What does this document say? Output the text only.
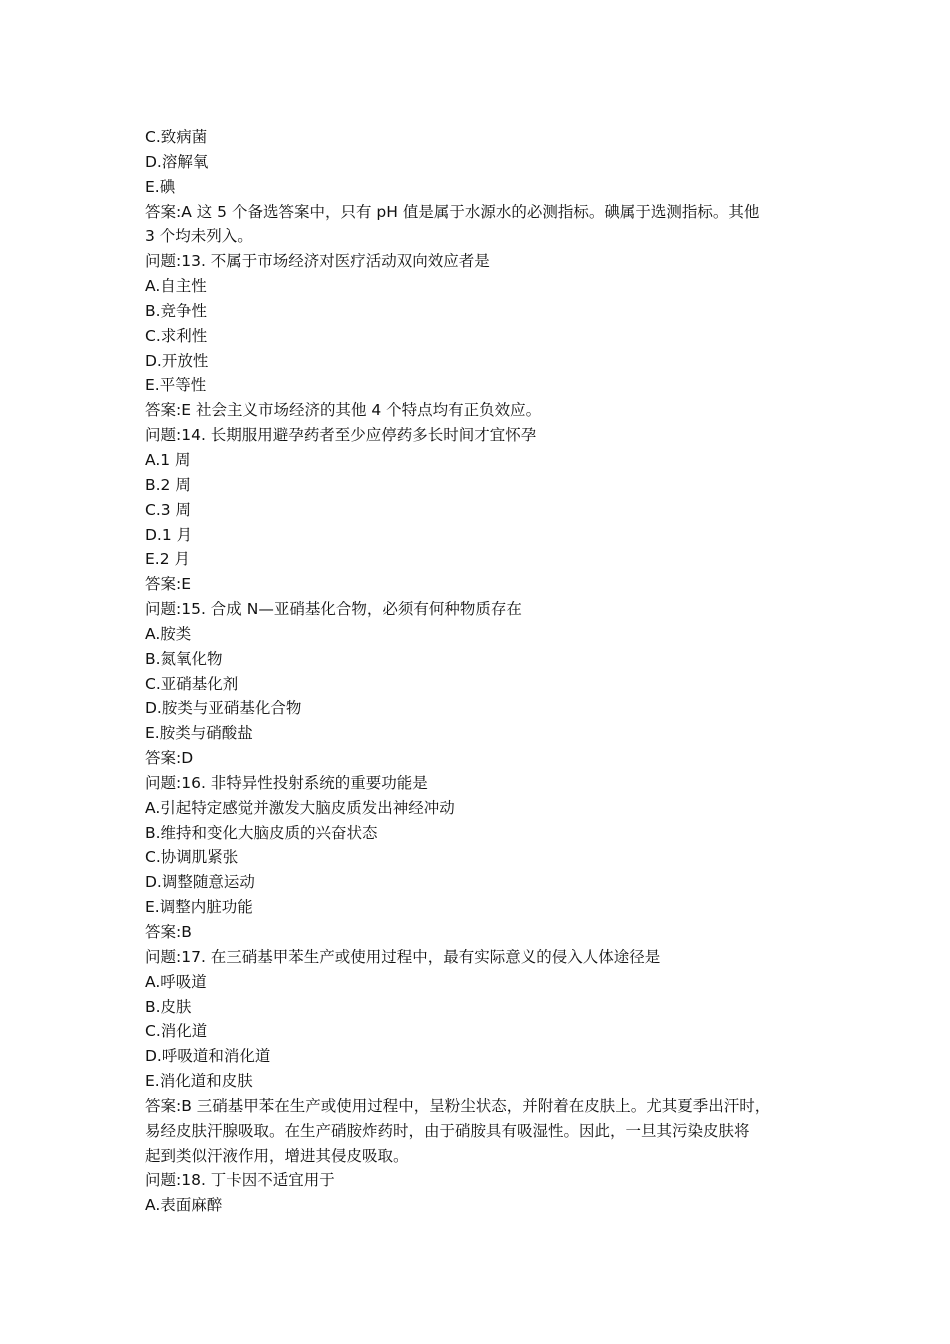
C.致病菌
D.溶解氧
E.碘
答案:A 这 5 个备选答案中，只有 pH 值是属于水源水的必测指标。碘属于选测指标。其他
3 个均未列入。
问题:13. 不属于市场经济对医疗活动双向效应者是
A.自主性
B.竞争性
C.求利性
D.开放性
E.平等性
答案:E 社会主义市场经济的其他 4 个特点均有正负效应。
问题:14. 长期服用避孕药者至少应停药多长时间才宜怀孕
A.1 周
B.2 周
C.3 周
D.1 月
E.2 月
答案:E
问题:15. 合成 N—亚硝基化合物，必须有何种物质存在
A.胺类
B.氮氧化物
C.亚硝基化剂
D.胺类与亚硝基化合物
E.胺类与硝酸盐
答案:D
问题:16. 非特异性投射系统的重要功能是
A.引起特定感觉并激发大脑皮质发出神经冲动
B.维持和变化大脑皮质的兴奋状态
C.协调肌紧张
D.调整随意运动
E.调整内脏功能
答案:B
问题:17. 在三硝基甲苯生产或使用过程中，最有实际意义的侵入人体途径是
A.呼吸道
B.皮肤
C.消化道
D.呼吸道和消化道
E.消化道和皮肤
答案:B 三硝基甲苯在生产或使用过程中，呈粉尘状态，并附着在皮肤上。尤其夏季出汗时，
易经皮肤汗腺吸取。在生产硝胺炸药时，由于硝胺具有吸湿性。因此，一旦其污染皮肤将
起到类似汗液作用，增进其侵皮吸取。
问题:18. 丁卡因不适宜用于
A.表面麻醉
